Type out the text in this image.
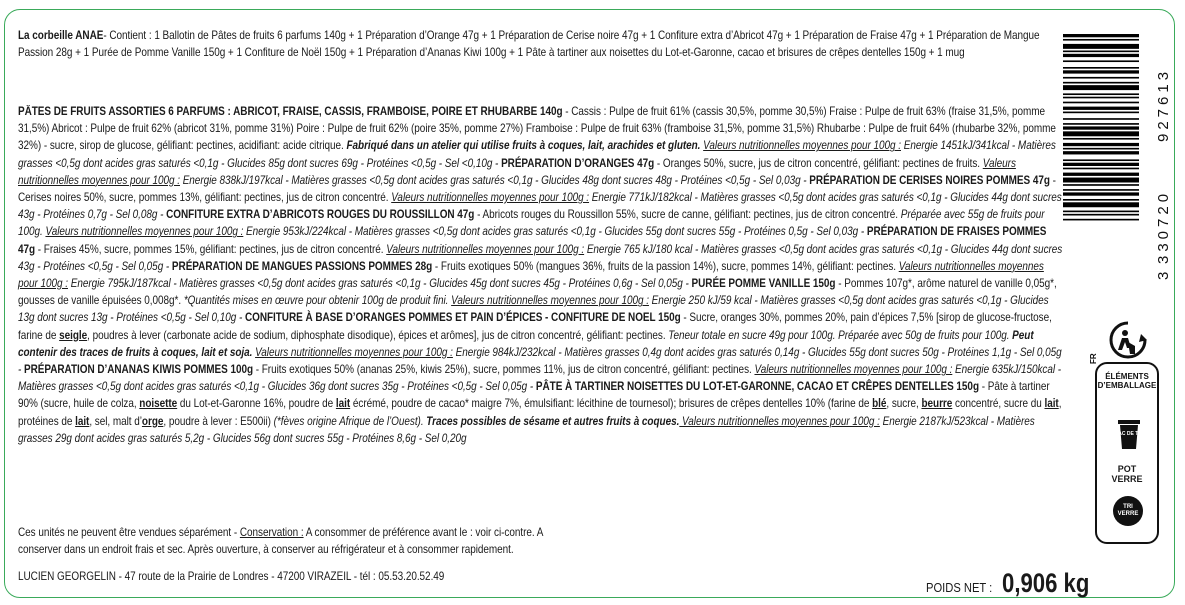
La corbeille ANAE- Contient : 1 Ballotin de Pâtes de fruits 6 parfums 140g + 1 Préparation d’Orange 47g + 1 Préparation de Cerise noire 47g + 1 Confiture extra d’Abricot 47g + 1 Préparation de Fraise 47g + 1 Préparation de Mangue Passion 28g + 1 Purée de Pomme Vanille 150g + 1 Confiture de Noël 150g + 1 Préparation d’Ananas Kiwi 100g + 1 Pâte à tartiner aux noisettes du Lot-et-Garonne, cacao et brisures de crêpes dentelles 150g + 1 mug
PÂTES DE FRUITS ASSORTIES 6 PARFUMS : ABRICOT, FRAISE, CASSIS, FRAMBOISE, POIRE ET RHUBARBE 140g - Cassis : Pulpe de fruit 61% (cassis 30,5%, pomme 30,5%) Fraise : Pulpe de fruit 63% (fraise 31,5%, pomme 31,5%) Abricot : Pulpe de fruit 62% (abricot 31%, pomme 31%) Poire : Pulpe de fruit 62% (poire 35%, pomme 27%) Framboise : Pulpe de fruit 63% (framboise 31,5%, pomme 31,5%) Rhubarbe : Pulpe de fruit 64% (rhubarbe 32%, pomme 32%) - sucre, sirop de glucose, gélifiant: pectines, acidifiant: acide citrique. Fabriqué dans un atelier qui utilise fruits à coques, lait, arachides et gluten. Valeurs nutritionnelles moyennes pour 100g : Energie 1451kJ/341kcal - Matières grasses <0,5g dont acides gras saturés <0,1g - Glucides 85g dont sucres 69g - Protéines <0,5g - Sel <0,10g - PRÉPARATION D’ORANGES 47g - Oranges 50%, sucre, jus de citron concentré, gélifiant: pectines de fruits. Valeurs nutritionnelles moyennes pour 100g : Energie 838kJ/197kcal - Matières grasses <0,5g dont acides gras saturés <0,1g - Glucides 48g dont sucres 48g - Protéines <0,5g - Sel 0,03g - PRÉPARATION DE CERISES NOIRES POMMES 47g - Cerises noires 50%, sucre, pommes 13%, gélifiant: pectines, jus de citron concentré. Valeurs nutritionnelles moyennes pour 100g : Energie 771kJ/182kcal - Matières grasses <0,5g dont acides gras saturés <0,1g - Glucides 44g dont sucres 43g - Protéines 0,7g - Sel 0,08g - CONFITURE EXTRA D’ABRICOTS ROUGES DU ROUSSILLON 47g - Abricots rouges du Roussillon 55%, sucre de canne, gélifiant: pectines, jus de citron concentré. Préparée avec 55g de fruits pour 100g. Valeurs nutritionnelles moyennes pour 100g : Energie 953kJ/224kcal - Matières grasses <0,5g dont acides gras saturés <0,1g - Glucides 55g dont sucres 55g - Protéines 0,5g - Sel 0,03g - PRÉPARATION DE FRAISES POMMES 47g - Fraises 45%, sucre, pommes 15%, gélifiant: pectines, jus de citron concentré. Valeurs nutritionnelles moyennes pour 100g : Energie 765 kJ/180 kcal - Matières grasses <0,5g dont acides gras saturés <0,1g - Glucides 44g dont sucres 43g - Protéines <0,5g - Sel 0,05g - PRÉPARATION DE MANGUES PASSIONS POMMES 28g - Fruits exotiques 50% (mangues 36%, fruits de la passion 14%), sucre, pommes 14%, gélifiant: pectines. Valeurs nutritionnelles moyennes pour 100g : Energie 795kJ/187kcal - Matières grasses <0,5g dont acides gras saturés <0,1g - Glucides 45g dont sucres 45g - Protéines 0,6g - Sel 0,05g - PURÉE POMME VANILLE 150g - Pommes 107g*, arôme naturel de vanille 0,05g*, gousses de vanille épuisées 0,008g*. *Quantités mises en œuvre pour obtenir 100g de produit fini. Valeurs nutritionnelles moyennes pour 100g : Energie 250 kJ/59 kcal - Matières grasses <0,5g dont acides gras saturés <0,1g - Glucides 13g dont sucres 13g - Protéines <0,5g - Sel 0,10g - CONFITURE À BASE D’ORANGES POMMES ET PAIN D’ÉPICES - CONFITURE DE NOEL 150g - Sucre, oranges 30%, pommes 20%, pain d’épices 7,5% [sirop de glucose-fructose, farine de seigle, poudres à lever (carbonate acide de sodium, diphosphate disodique), épices et arômes], jus de citron concentré, gélifiant: pectines. Teneur totale en sucre 49g pour 100g. Préparée avec 50g de fruits pour 100g. Peut contenir des traces de fruits à coques, lait et soja. Valeurs nutritionnelles moyennes pour 100g : Energie 984kJ/232kcal - Matières grasses 0,4g dont acides gras saturés 0,14g - Glucides 55g dont sucres 50g - Protéines 1,1g - Sel 0,05g - PRÉPARATION D’ANANAS KIWIS POMMES 100g - Fruits exotiques 50% (ananas 25%, kiwis 25%), sucre, pommes 11%, jus de citron concentré, gélifiant: pectines. Valeurs nutritionnelles moyennes pour 100g : Energie 635kJ/150kcal - Matières grasses <0,5g dont acides gras saturés <0,1g - Glucides 36g dont sucres 35g - Protéines <0,5g - Sel 0,05g - PÂTE À TARTINER NOISETTES DU LOT-ET-GARONNE, CACAO ET CRÊPES DENTELLES 150g - Pâte à tartiner 90% (sucre, huile de colza, noisette du Lot-et-Garonne 16%, poudre de lait écrémé, poudre de cacao* maigre 7%, émulsifiant: lécithine de tournesol); brisures de crêpes dentelles 10% (farine de blé, sucre, beurre concentré, sucre du lait, protéines de lait, sel, malt d’orge, poudre à lever : E500ii) (*fèves origine Afrique de l’Ouest). Traces possibles de sésame et autres fruits à coques. Valeurs nutritionnelles moyennes pour 100g : Energie 2187kJ/523kcal - Matières grasses 29g dont acides gras saturés 5,2g - Glucides 56g dont sucres 55g - Protéines 8,6g - Sel 0,20g
Ces unités ne peuvent être vendues séparément - Conservation : A consommer de préférence avant le : voir ci-contre. A conserver dans un endroit frais et sec. Après ouverture, à conserver au réfrigérateur et à consommer rapidement.
LUCIEN GEORGELIN - 47 route de la Prairie de Londres - 47200 VIRAZEIL - tél : 05.53.20.52.49
POIDS NET : 0,906 kg
3
330720
927613
FR
ÉLÉMENTS
D’EMBALLAGE
BAC DE TRI
POT
VERRE
TRI
VERRE
